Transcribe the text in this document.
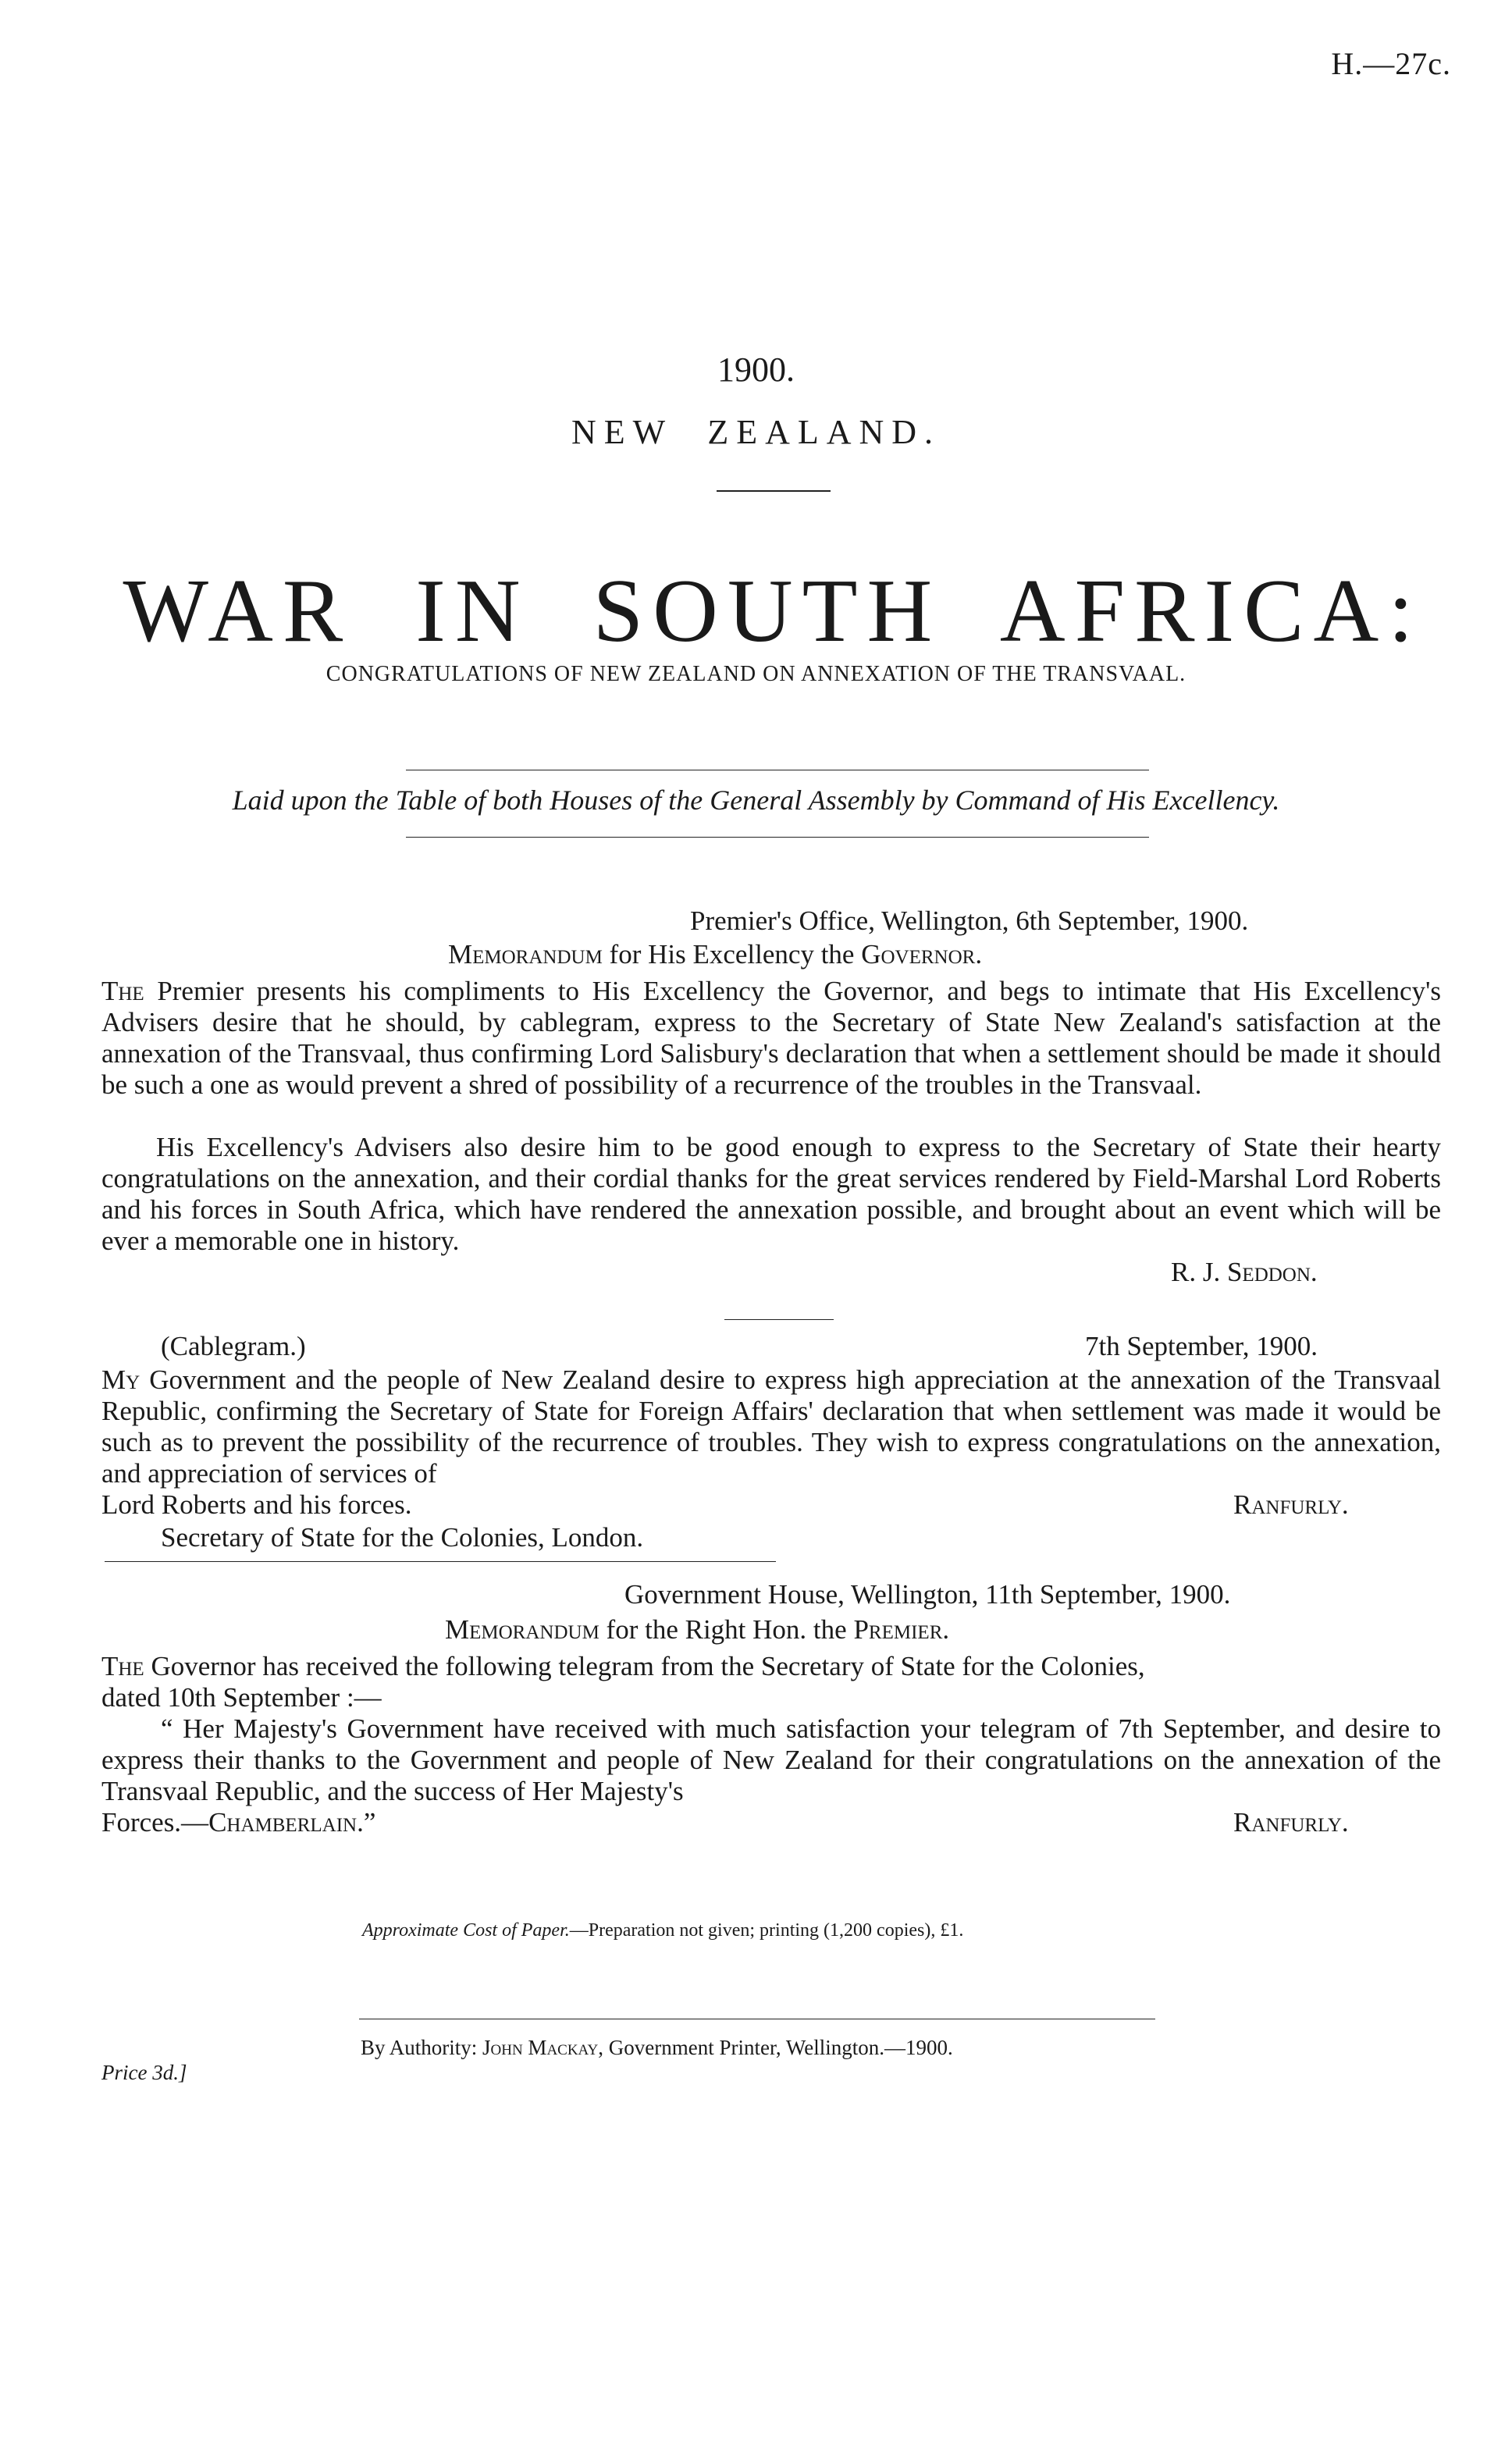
H.—27c.
1900.
NEW ZEALAND.
WAR IN SOUTH AFRICA:
CONGRATULATIONS OF NEW ZEALAND ON ANNEXATION OF THE TRANSVAAL.
Laid upon the Table of both Houses of the General Assembly by Command of His Excellency.
Premier's Office, Wellington, 6th September, 1900.
Memorandum for His Excellency the Governor.
The Premier presents his compliments to His Excellency the Governor, and begs to intimate that His Excellency's Advisers desire that he should, by cablegram, express to the Secretary of State New Zealand's satisfaction at the annexation of the Transvaal, thus confirming Lord Salisbury's declaration that when a settlement should be made it should be such a one as would prevent a shred of possibility of a recurrence of the troubles in the Transvaal.
His Excellency's Advisers also desire him to be good enough to express to the Secretary of State their hearty congratulations on the annexation, and their cordial thanks for the great services rendered by Field-Marshal Lord Roberts and his forces in South Africa, which have rendered the annexation possible, and brought about an event which will be ever a memorable one in history.
R. J. Seddon.
(Cablegram.)	7th September, 1900.
My Government and the people of New Zealand desire to express high appreciation at the annexation of the Transvaal Republic, confirming the Secretary of State for Foreign Affairs' declaration that when settlement was made it would be such as to prevent the possibility of the recurrence of troubles. They wish to express congratulations on the annexation, and appreciation of services of
Lord Roberts and his forces.	Ranfurly.
Secretary of State for the Colonies, London.
Government House, Wellington, 11th September, 1900.
Memorandum for the Right Hon. the Premier.
The Governor has received the following telegram from the Secretary of State for the Colonies,
dated 10th September :—
“ Her Majesty's Government have received with much satisfaction your telegram of 7th September, and desire to express their thanks to the Government and people of New Zealand for their congratulations on the annexation of the Transvaal Republic, and the success of Her Majesty's
Forces.—Chamberlain.”	Ranfurly.
Approximate Cost of Paper.—Preparation not given; printing (1,200 copies), £1.
By Authority: John Mackay, Government Printer, Wellington.—1900.
Price 3d.]
